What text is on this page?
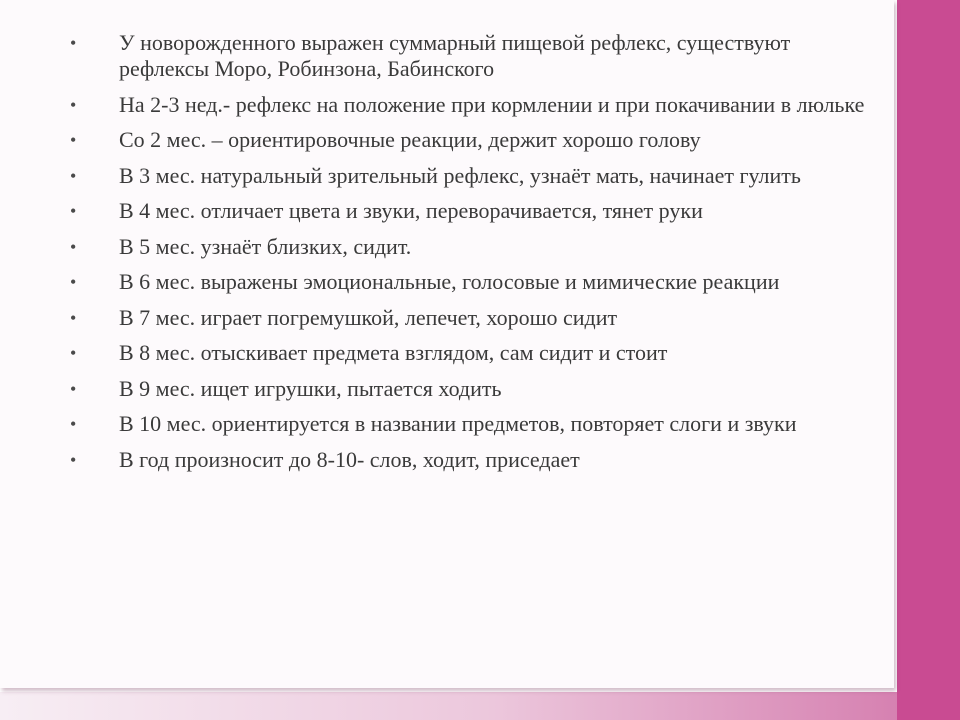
• У новорожденного выражен суммарный пищевой рефлекс, существуют рефлексы Моро, Робинзона, Бабинского
• На 2-3 нед.- рефлекс на положение при кормлении и при покачивании в люльке
• Со 2 мес. – ориентировочные реакции, держит хорошо голову
• В 3 мес. натуральный зрительный рефлекс, узнаёт мать, начинает гулить
• В 4 мес. отличает цвета и звуки, переворачивается, тянет руки
• В 5 мес. узнаёт близких, сидит.
• В 6 мес. выражены эмоциональные, голосовые и мимические реакции
• В 7 мес. играет погремушкой, лепечет, хорошо сидит
• В 8 мес. отыскивает предмета взглядом, сам сидит и стоит
• В 9 мес. ищет игрушки, пытается ходить
• В 10 мес. ориентируется в названии предметов, повторяет слоги и звуки
• В год произносит до 8-10- слов, ходит, приседает
